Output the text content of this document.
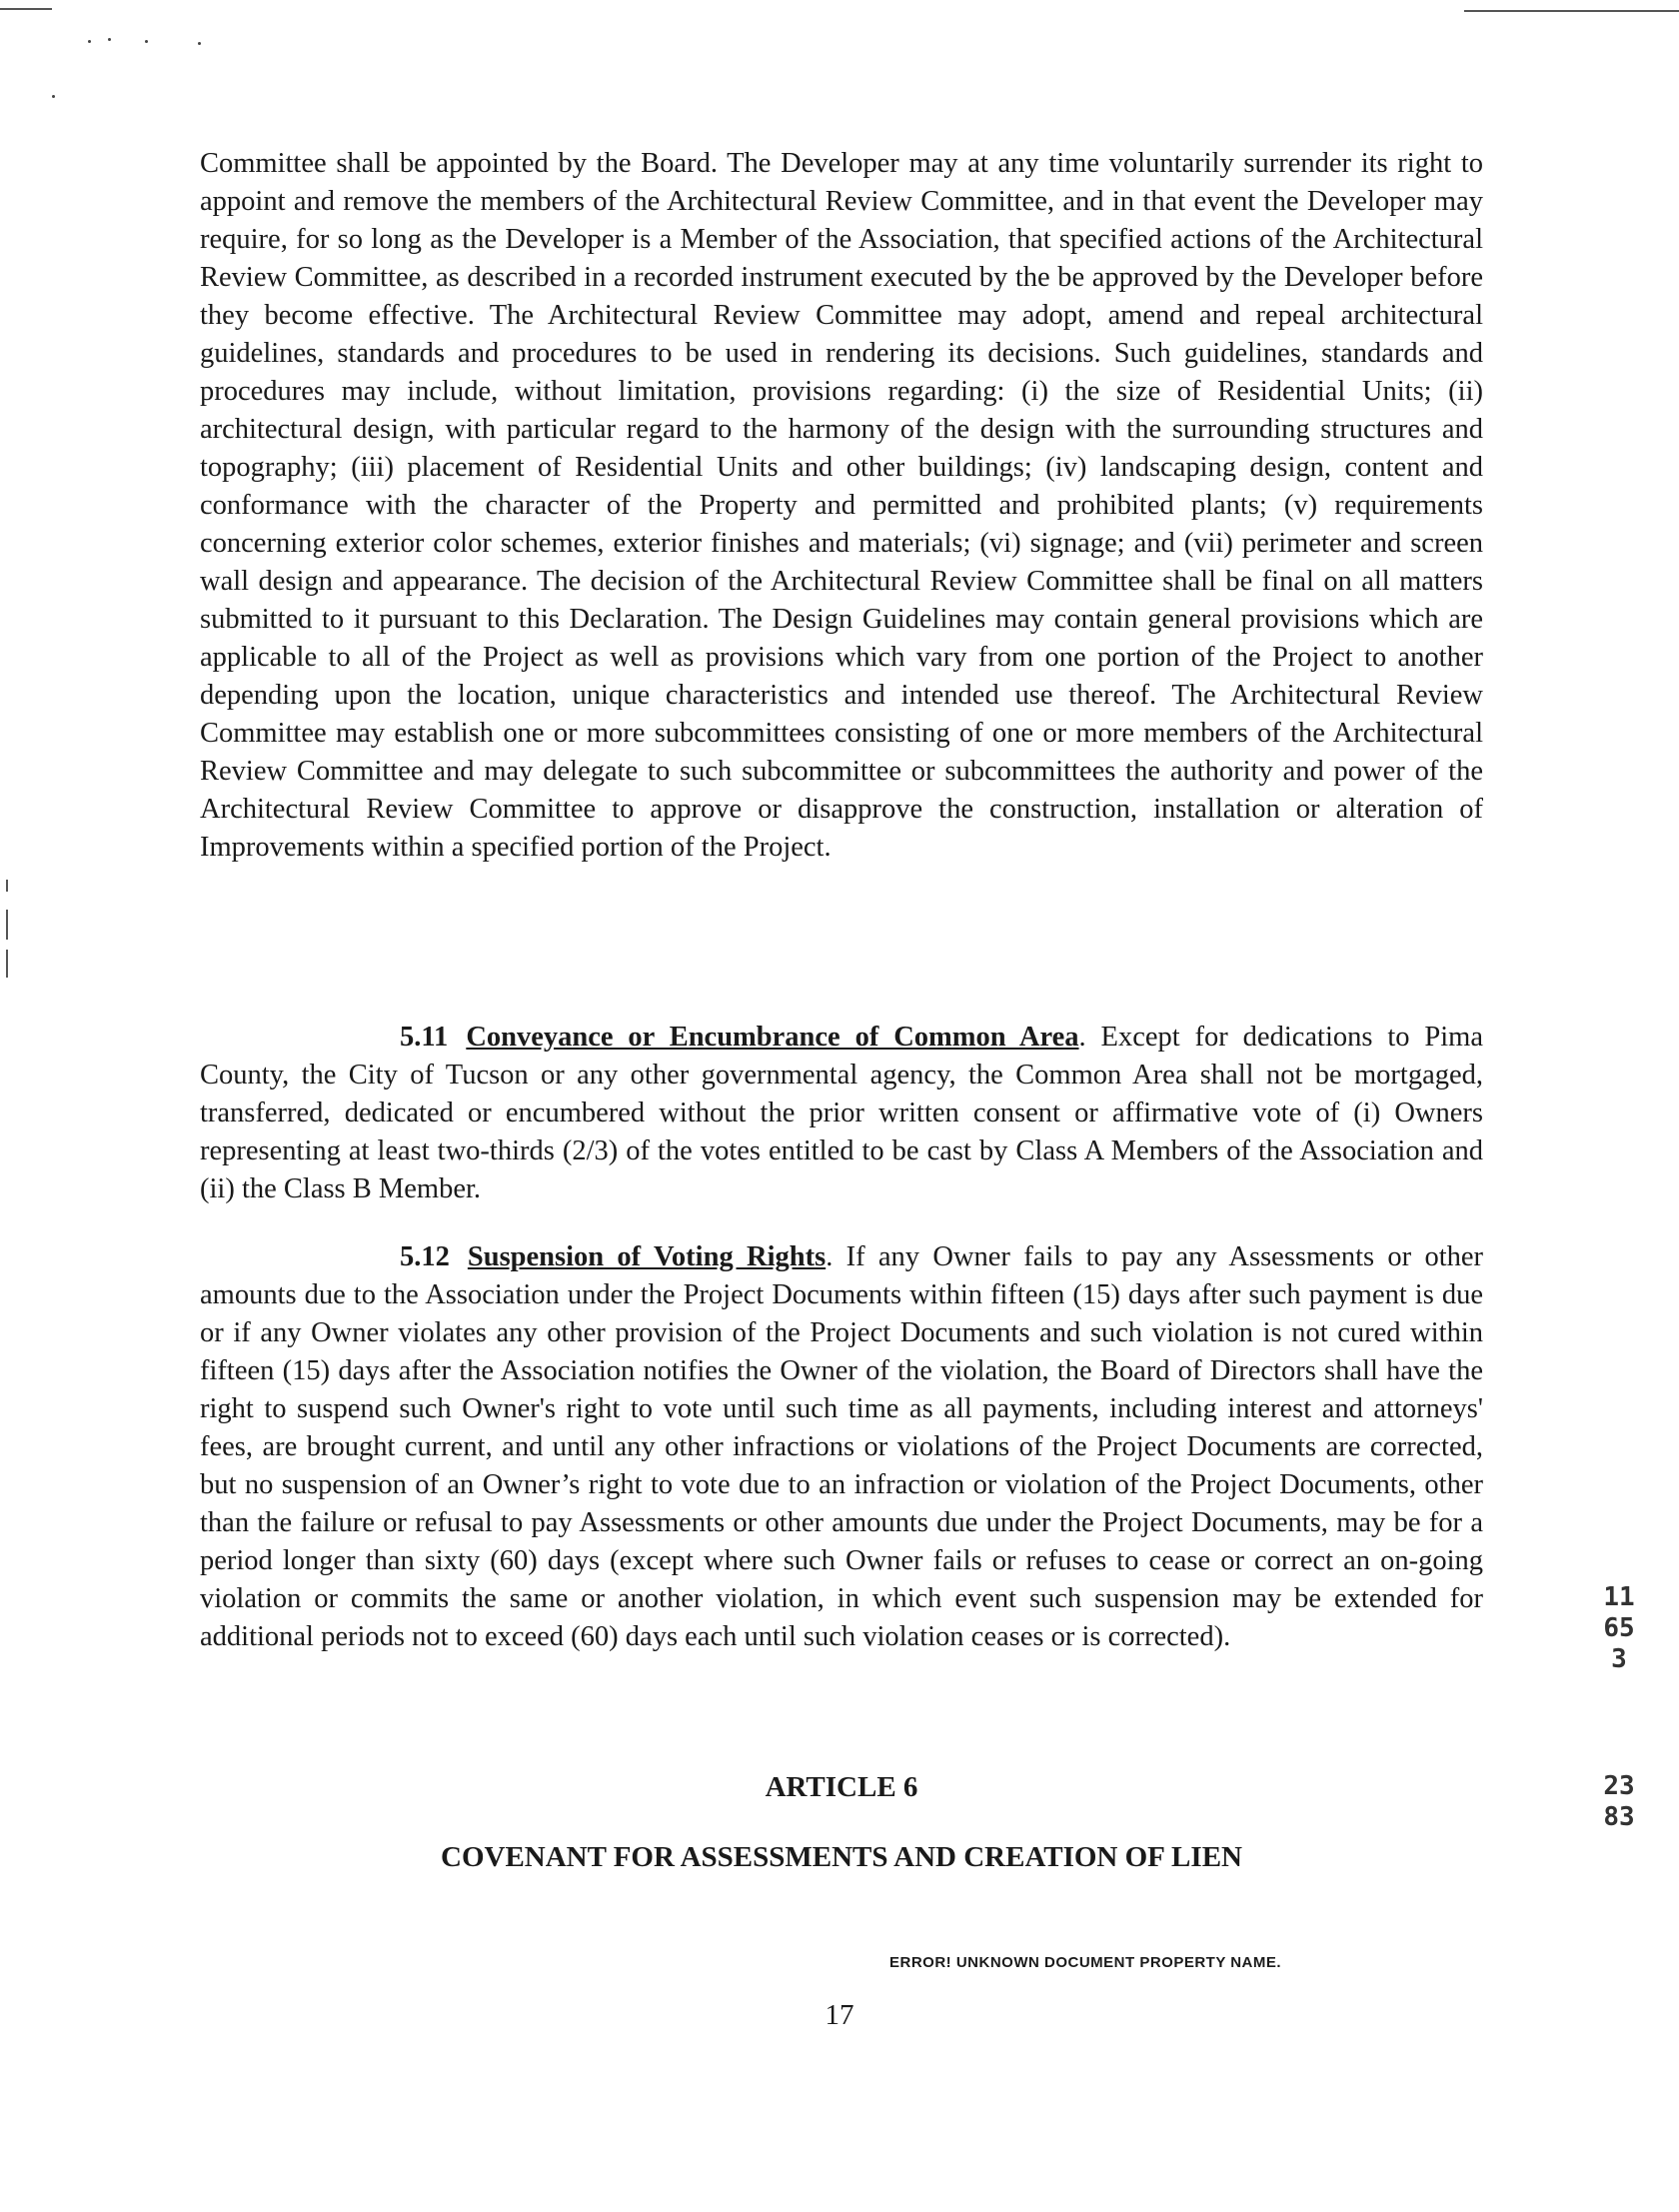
Committee shall be appointed by the Board. The Developer may at any time voluntarily surrender its right to appoint and remove the members of the Architectural Review Committee, and in that event the Developer may require, for so long as the Developer is a Member of the Association, that specified actions of the Architectural Review Committee, as described in a recorded instrument executed by the be approved by the Developer before they become effective. The Architectural Review Committee may adopt, amend and repeal architectural guidelines, standards and procedures to be used in rendering its decisions. Such guidelines, standards and procedures may include, without limitation, provisions regarding: (i) the size of Residential Units; (ii) architectural design, with particular regard to the harmony of the design with the surrounding structures and topography; (iii) placement of Residential Units and other buildings; (iv) landscaping design, content and conformance with the character of the Property and permitted and prohibited plants; (v) requirements concerning exterior color schemes, exterior finishes and materials; (vi) signage; and (vii) perimeter and screen wall design and appearance. The decision of the Architectural Review Committee shall be final on all matters submitted to it pursuant to this Declaration. The Design Guidelines may contain general provisions which are applicable to all of the Project as well as provisions which vary from one portion of the Project to another depending upon the location, unique characteristics and intended use thereof. The Architectural Review Committee may establish one or more subcommittees consisting of one or more members of the Architectural Review Committee and may delegate to such subcommittee or subcommittees the authority and power of the Architectural Review Committee to approve or disapprove the construction, installation or alteration of Improvements within a specified portion of the Project.

5.11 Conveyance or Encumbrance of Common Area. Except for dedications to Pima County, the City of Tucson or any other governmental agency, the Common Area shall not be mortgaged, transferred, dedicated or encumbered without the prior written consent or affirmative vote of (i) Owners representing at least two-thirds (2/3) of the votes entitled to be cast by Class A Members of the Association and (ii) the Class B Member.

5.12 Suspension of Voting Rights. If any Owner fails to pay any Assessments or other amounts due to the Association under the Project Documents within fifteen (15) days after such payment is due or if any Owner violates any other provision of the Project Documents and such violation is not cured within fifteen (15) days after the Association notifies the Owner of the violation, the Board of Directors shall have the right to suspend such Owner's right to vote until such time as all payments, including interest and attorneys' fees, are brought current, and until any other infractions or violations of the Project Documents are corrected, but no suspension of an Owner’s right to vote due to an infraction or violation of the Project Documents, other than the failure or refusal to pay Assessments or other amounts due under the Project Documents, may be for a period longer than sixty (60) days (except where such Owner fails or refuses to cease or correct an on-going violation or commits the same or another violation, in which event such suspension may be extended for additional periods not to exceed (60) days each until such violation ceases or is corrected).

ARTICLE 6

COVENANT FOR ASSESSMENTS AND CREATION OF LIEN

ERROR! UNKNOWN DOCUMENT PROPERTY NAME.

17

11653

2383
